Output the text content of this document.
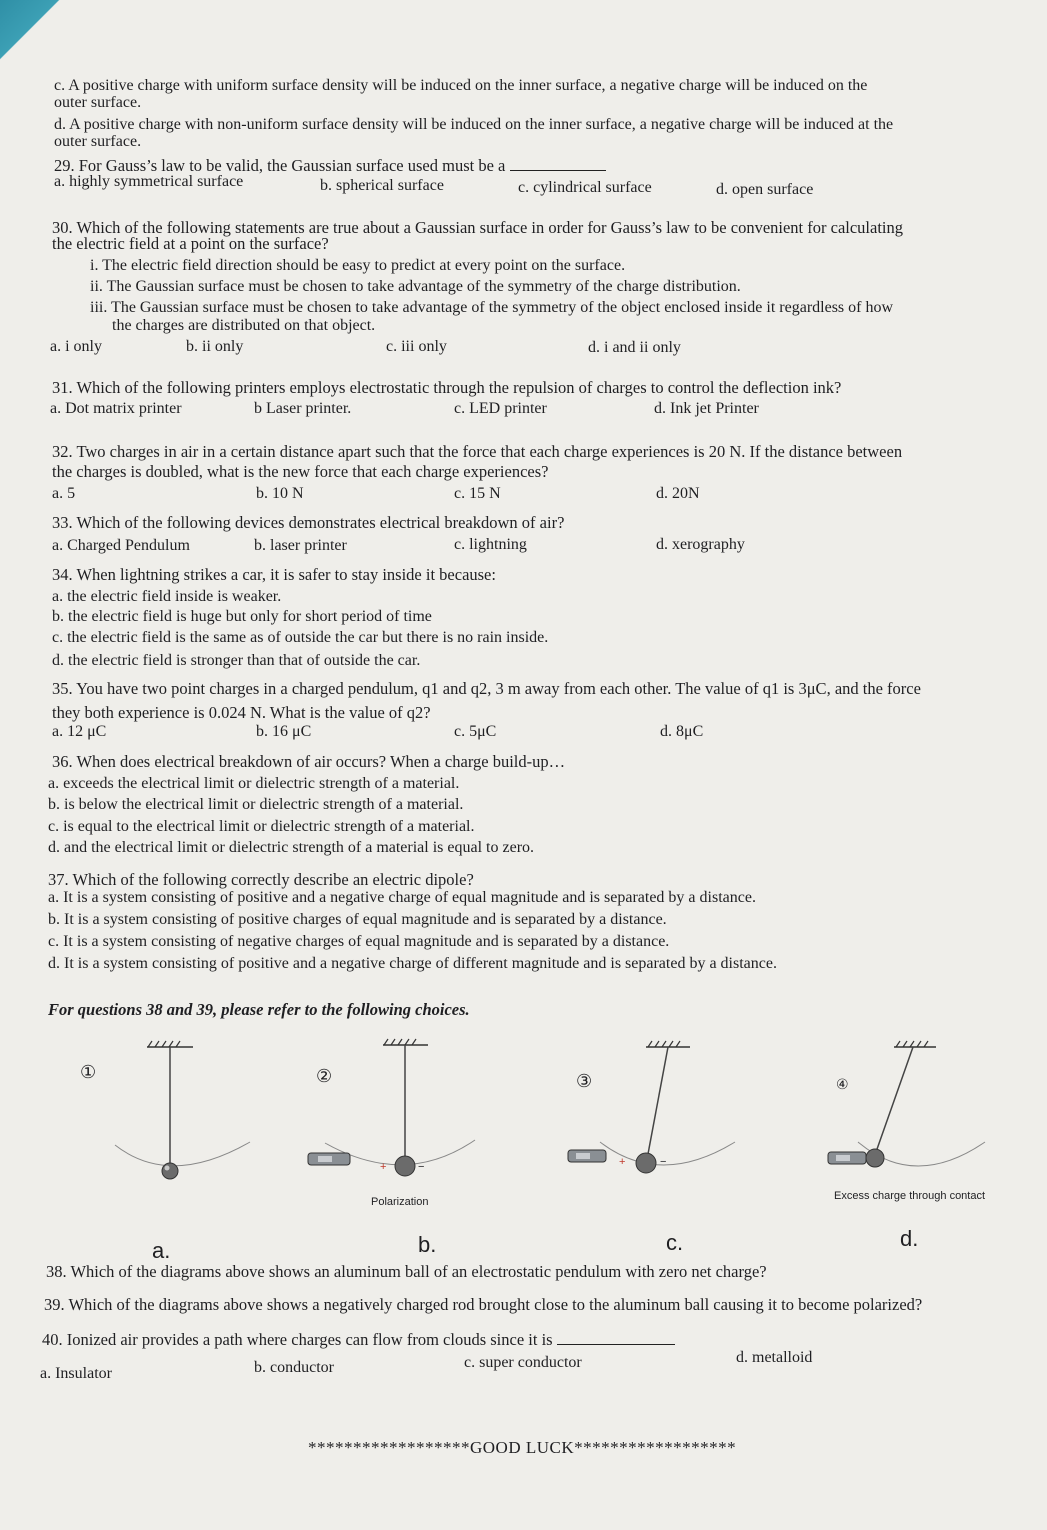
c. A positive charge with uniform surface density will be induced on the inner surface, a negative charge will be induced on the
outer surface.
d. A positive charge with non-uniform surface density will be induced on the inner surface, a negative charge will be induced at the
outer surface.
29. For Gauss’s law to be valid, the Gaussian surface used must be a
a. highly symmetrical surface	b. spherical surface	c. cylindrical surface	d. open surface
30. Which of the following statements are true about a Gaussian surface in order for Gauss’s law to be convenient for calculating
the electric field at a point on the surface?
i. The electric field direction should be easy to predict at every point on the surface.
ii. The Gaussian surface must be chosen to take advantage of the symmetry of the charge distribution.
iii. The Gaussian surface must be chosen to take advantage of the symmetry of the object enclosed inside it regardless of how
the charges are distributed on that object.
a. i only	b. ii only	c. iii only	d. i and ii only
31. Which of the following printers employs electrostatic through the repulsion of charges to control the deflection ink?
a. Dot matrix printer	b Laser printer.	c. LED printer	d. Ink jet Printer
32. Two charges in air in a certain distance apart such that the force that each charge experiences is 20 N. If the distance between
the charges is doubled, what is the new force that each charge experiences?
a. 5	b. 10 N	c. 15 N	d. 20N
33. Which of the following devices demonstrates electrical breakdown of air?
a. Charged Pendulum	b. laser printer	c. lightning	d. xerography
34. When lightning strikes a car, it is safer to stay inside it because:
a. the electric field inside is weaker.
b. the electric field is huge but only for short period of time
c. the electric field is the same as of outside the car but there is no rain inside.
d. the electric field is stronger than that of outside the car.
35. You have two point charges in a charged pendulum, q1 and q2, 3 m away from each other. The value of q1 is 3μC, and the force
they both experience is 0.024 N. What is the value of q2?
a. 12 μC	b. 16 μC	c. 5μC	d. 8μC
36. When does electrical breakdown of air occurs? When a charge build-up…
a. exceeds the electrical limit or dielectric strength of a material.
b. is below the electrical limit or dielectric strength of a material.
c. is equal to the electrical limit or dielectric strength of a material.
d. and the electrical limit or dielectric strength of a material is equal to zero.
37. Which of the following correctly describe an electric dipole?
a. It is a system consisting of positive and a negative charge of equal magnitude and is separated by a distance.
b. It is a system consisting of positive charges of equal magnitude and is separated by a distance.
c. It is a system consisting of negative charges of equal magnitude and is separated by a distance.
d. It is a system consisting of positive and a negative charge of different magnitude and is separated by a distance.
For questions 38 and 39, please refer to the following choices.
①	②
+	−
Polarization
③
+	−
④
Excess charge through contact
a.	b.	c.	d.
38. Which of the diagrams above shows an aluminum ball of an electrostatic pendulum with zero net charge?
39. Which of the diagrams above shows a negatively charged rod brought close to the aluminum ball causing it to become polarized?
40. Ionized air provides a path where charges can flow from clouds since it is
a. Insulator	b. conductor	c. super conductor	d. metalloid
******************GOOD LUCK******************
